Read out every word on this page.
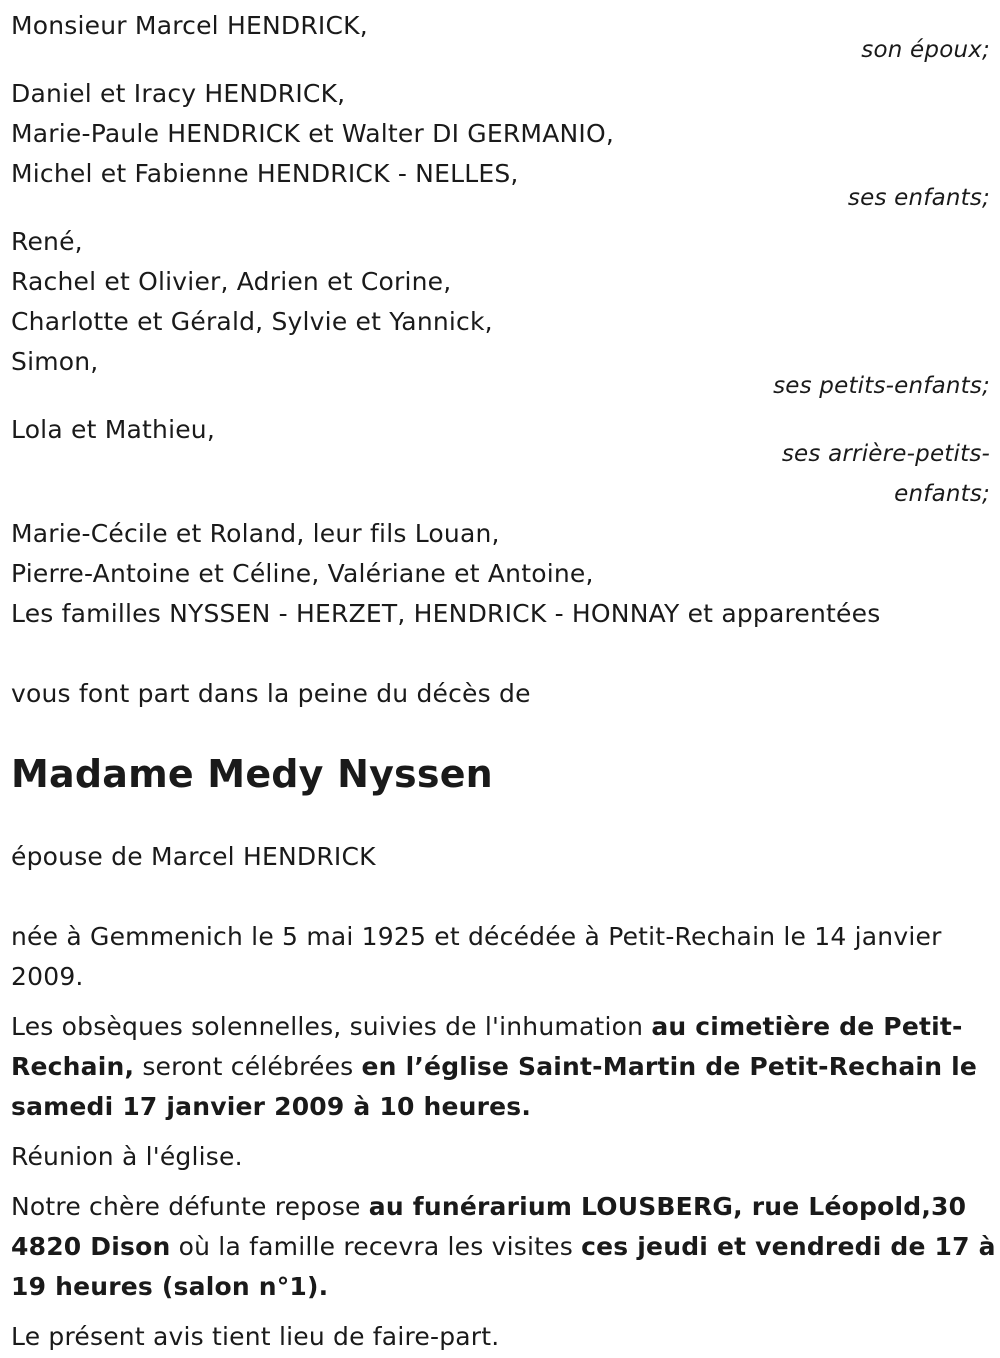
Monsieur Marcel HENDRICK,
son époux;
Daniel et Iracy HENDRICK,
Marie-Paule HENDRICK et Walter DI GERMANIO,
Michel et Fabienne HENDRICK - NELLES,
ses enfants;
René,
Rachel et Olivier, Adrien et Corine,
Charlotte et Gérald, Sylvie et Yannick,
Simon,
ses petits-enfants;
Lola et Mathieu,
ses arrière-petits-
enfants;
Marie-Cécile et Roland, leur fils Louan,
Pierre-Antoine et Céline, Valériane et Antoine,
Les familles NYSSEN - HERZET, HENDRICK - HONNAY et apparentées
vous font part dans la peine du décès de
Madame Medy Nyssen
épouse de Marcel HENDRICK
née à Gemmenich le 5 mai 1925 et décédée à Petit-Rechain le 14 janvier
2009.
Les obsèques solennelles, suivies de l'inhumation au cimetière de Petit-
Rechain, seront célébrées en l’église Saint-Martin de Petit-Rechain le
samedi 17 janvier 2009 à 10 heures.
Réunion à l'église.
Notre chère défunte repose au funérarium LOUSBERG, rue Léopold,30
4820 Dison où la famille recevra les visites ces jeudi et vendredi de 17 à
19 heures (salon n°1).
Le présent avis tient lieu de faire-part.
